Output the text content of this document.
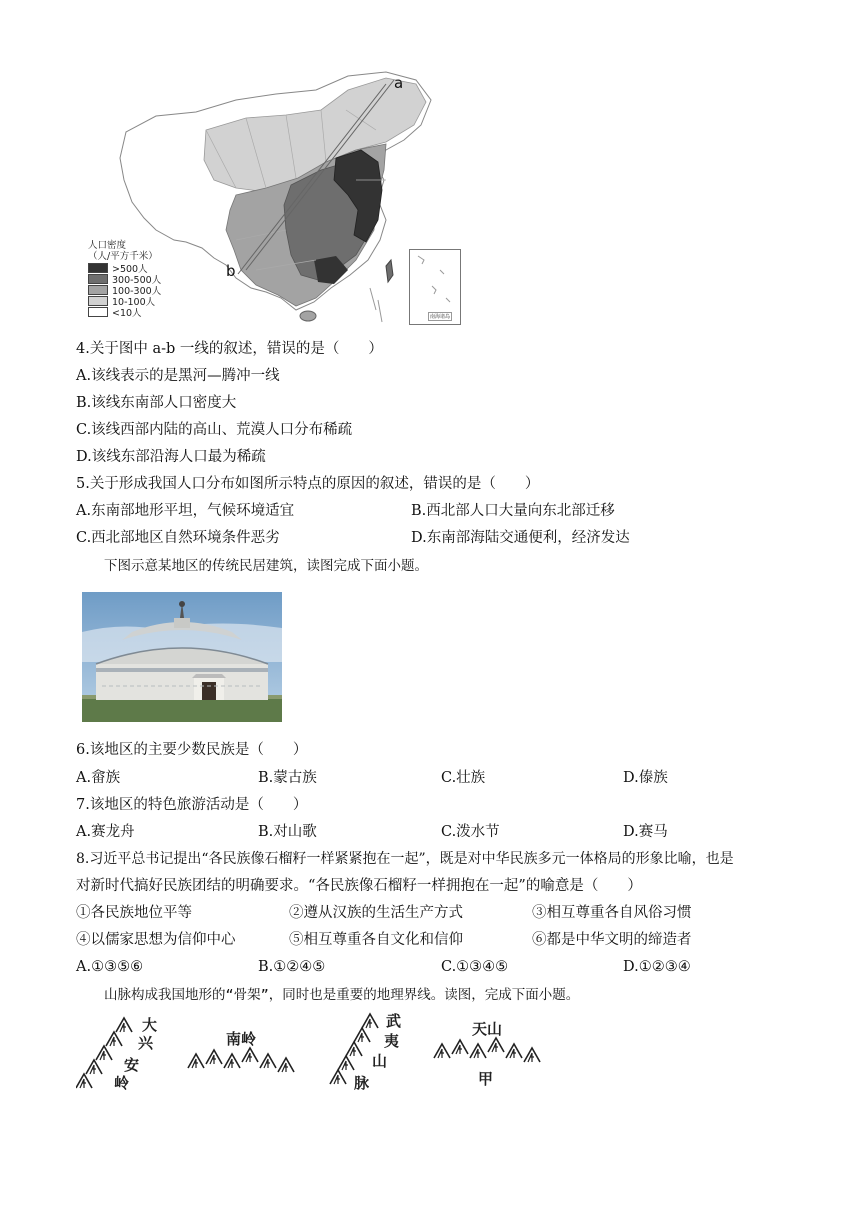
a
b
人口密度
（人/平方千米）
>500人
300-500人
100-300人
10-100人
<10人	南海诸岛
4.关于图中 a-b 一线的叙述，错误的是（　　）
A.该线表示的是黑河—腾冲一线
B.该线东南部人口密度大
C.该线西部内陆的高山、荒漠人口分布稀疏
D.该线东部沿海人口最为稀疏
5.关于形成我国人口分布如图所示特点的原因的叙述，错误的是（　　）
A.东南部地形平坦，气候环境适宜	B.西北部人口大量向东北部迁移
C.西北部地区自然环境条件恶劣	D.东南部海陆交通便利，经济发达
下图示意某地区的传统民居建筑，读图完成下面小题。
6.该地区的主要少数民族是（　　）
A.畲族	B.蒙古族	C.壮族	D.傣族
7.该地区的特色旅游活动是（　　）
A.赛龙舟	B.对山歌	C.泼水节	D.赛马
8.习近平总书记提出“各民族像石榴籽一样紧紧抱在一起”，既是对中华民族多元一体格局的形象比喻，也是
对新时代搞好民族团结的明确要求。“各民族像石榴籽一样拥抱在一起”的喻意是（　　）
①各民族地位平等	②遵从汉族的生活生产方式	③相互尊重各自风俗习惯
④以儒家思想为信仰中心	⑤相互尊重各自文化和信仰	⑥都是中华文明的缔造者
A.①③⑤⑥	B.①②④⑤	C.①③④⑤	D.①②③④
山脉构成我国地形的“骨架”，同时也是重要的地理界线。读图，完成下面小题。
大
兴
安
岭
南岭
武
夷
山
脉
天山
甲
